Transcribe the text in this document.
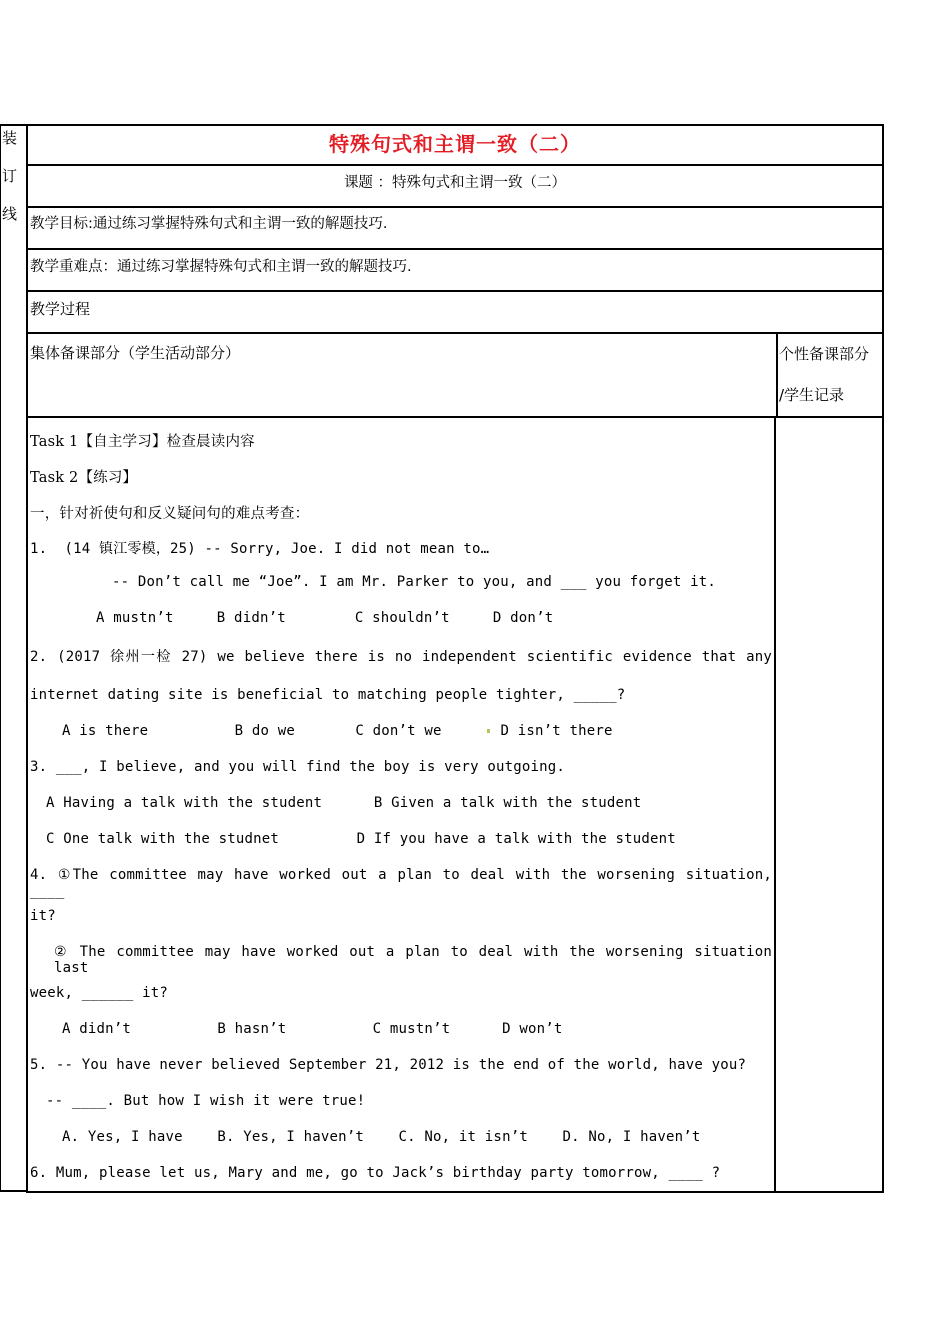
装
订
线
特殊句式和主谓一致（二）
课题 ：特殊句式和主谓一致（二）
教学目标:通过练习掌握特殊句式和主谓一致的解题技巧.
教学重难点：通过练习掌握特殊句式和主谓一致的解题技巧.
教学过程
集体备课部分（学生活动部分）	个性备课部分
/学生记录
Task 1【自主学习】检查晨读内容
Task 2【练习】
一，针对祈使句和反义疑问句的难点考查：
1.  (14 镇江零模，25) -- Sorry, Joe. I did not mean to…
-- Don’t call me “Joe”. I am Mr. Parker to you, and ___ you forget it.
A mustn’t     B didn’t        C shouldn’t     D don’t
2. (2017 徐州一检 27) we believe there is no independent scientific evidence that any
internet dating site is beneficial to matching people tighter, _____?
A is there          B do we       C don’t we	D isn’t there
3. ___, I believe, and you will find the boy is very outgoing.
A Having a talk with the student      B Given a talk with the student
C One talk with the studnet         D If you have a talk with the student
4. ①The committee may have worked out a plan to deal with the worsening situation, ____
it?
② The committee may have worked out a plan to deal with the worsening situation last
week, ______ it?
A didn’t          B hasn’t          C mustn’t      D won’t
5. -- You have never believed September 21, 2012 is the end of the world, have you?
-- ____. But how I wish it were true!
A. Yes, I have    B. Yes, I haven’t    C. No, it isn’t    D. No, I haven’t
6. Mum, please let us, Mary and me, go to Jack’s birthday party tomorrow, ____ ?
